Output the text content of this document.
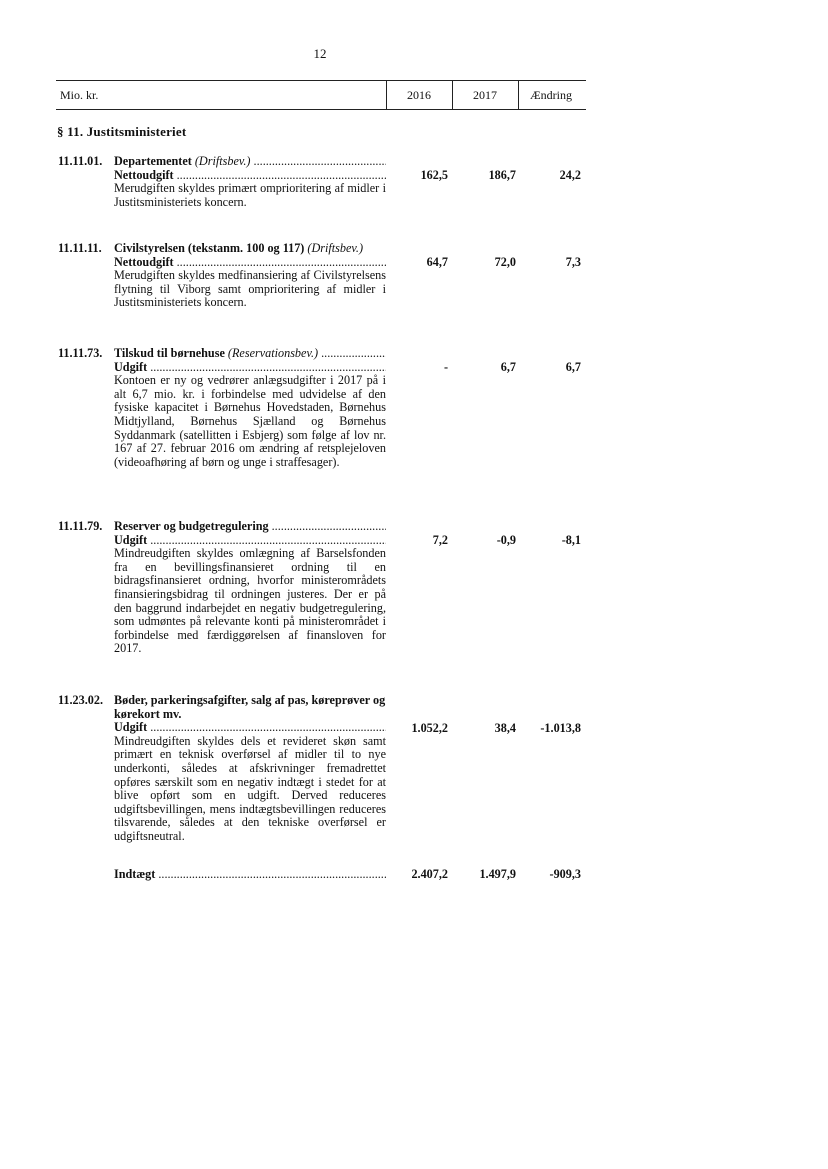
12
Mio. kr.	2016	2017	Ændring
§ 11. Justitsministeriet
11.11.01. Departementet (Driftsbev.) .....
Nettoudgift .....
Merudgiften skyldes primært omprioritering af midler i Justitsministeriets koncern.
162,5	186,7	24,2
11.11.11. Civilstyrelsen (tekstanm. 100 og 117) (Driftsbev.)
Nettoudgift .....
Merudgiften skyldes medfinansiering af Civilstyrelsens flytning til Viborg samt omprioritering af midler i Justitsministeriets koncern.
64,7	72,0	7,3
11.11.73. Tilskud til børnehuse (Reservationsbev.) .....
Udgift .....
Kontoen er ny og vedrører anlægsudgifter i 2017 på i alt 6,7 mio. kr. i forbindelse med udvidelse af den fysiske kapacitet i Børnehus Hovedstaden, Børnehus Midtjylland, Børnehus Sjælland og Børnehus Syddanmark (satellitten i Esbjerg) som følge af lov nr. 167 af 27. februar 2016 om ændring af retsplejeloven (videoafhøring af børn og unge i straffesager).
-	6,7	6,7
11.11.79. Reserver og budgetregulering .....
Udgift .....
Mindreudgiften skyldes omlægning af Barselsfonden fra en bevillingsfinansieret ordning til en bidragsfinansieret ordning, hvorfor ministerområdets finansieringsbidrag til ordningen justeres. Der er på den baggrund indarbejdet en negativ budgetregulering, som udmøntes på relevante konti på ministerområdet i forbindelse med færdiggørelsen af finansloven for 2017.
7,2	-0,9	-8,1
11.23.02. Bøder, parkeringsafgifter, salg af pas, køreprøver og kørekort mv.
Udgift .....
Mindreudgiften skyldes dels et revideret skøn samt primært en teknisk overførsel af midler til to nye underkonti, således at afskrivninger fremadrettet opføres særskilt som en negativ indtægt i stedet for at blive opført som en udgift. Derved reduceres udgiftsbevillingen, mens indtægtsbevillingen reduceres tilsvarende, således at den tekniske overførsel er udgiftsneutral.
1.052,2	38,4	-1.013,8
Indtægt .....	2.407,2	1.497,9	-909,3
